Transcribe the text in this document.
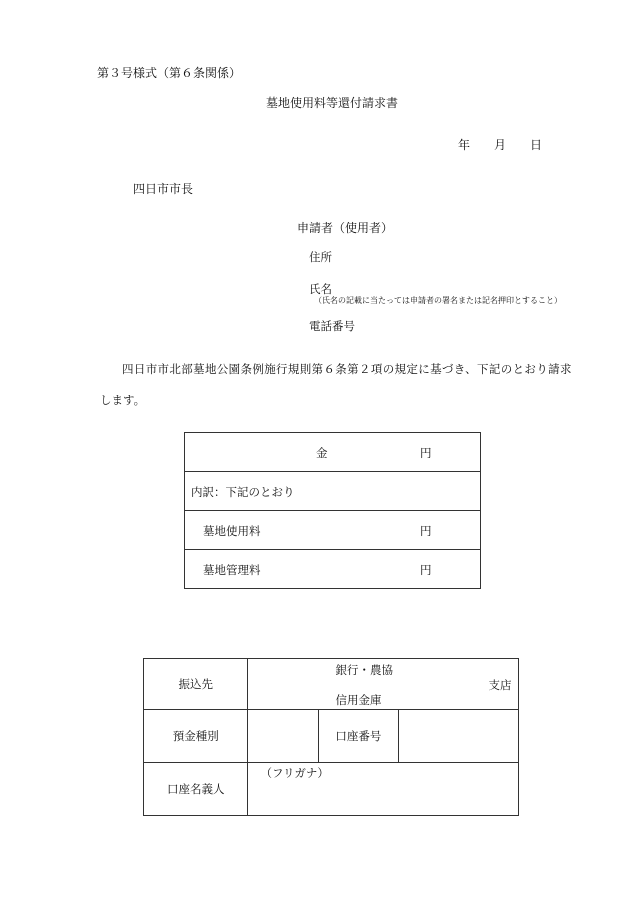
第３号様式（第６条関係）
墓地使用料等還付請求書
年 月 日
四日市市長
申請者（使用者）
住所
氏名
（氏名の記載に当たっては申請者の署名または記名押印とすること）
電話番号
四日市市北部墓地公園条例施行規則第６条第２項の規定に基づき、下記のとおり請求
します。
金	円

内訳：下記のとおり

墓地使用料	円

墓地管理料	円
振込先	銀行・農協
信用金庫
支店		

預金種別		口座番号	
口座名義人	（フリガナ）		
